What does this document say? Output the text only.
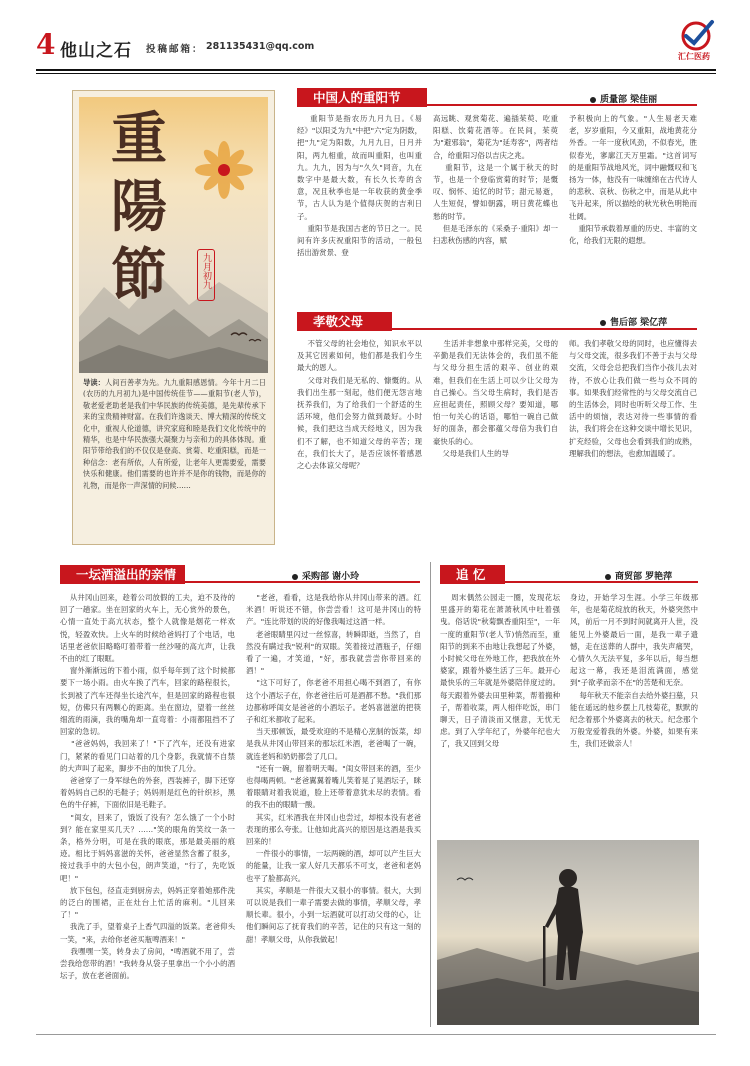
4 他山之石 投稿邮箱： 281135431@qq.com
汇仁医药
重
陽
節	九月初九
导读：人间百善孝为先。九九重阳感恩情。今年十月二日(农历的九月初九)是中国传统佳节——重阳节(老人节)，敬老爱老助老是我们中华民族的传统美德，是先辈传承下来的宝贵精神财富。在我们许逸谈天、博大精深的传统文化中，重视人伦道德，讲究家庭和睦是我们文化传统中的精华，也是中华民族强大凝聚力与亲和力的具体体现。重阳节带给我们的不仅仅是登高、赏菊、吃重阳糕，而是一种信念：老有所依，人有所爱，让老年人更需要爱，需要快乐和健康。他们需要的也许并不是你的钱物，而是你的礼物，而是你一声深情的问候……
中国人的重阳节	质量部 梁佳丽
重阳节是指农历九月九日。《易经》"以阳爻为九"中把"六"定为阴数，把"九"定为阳数，九月九日，日月并阳，两九相重，故而叫重阳，也叫重九。九九，因为与"久久"同音，九在数字中是最大数，有长久长寿的含意，况且秋季也是一年收获的黄金季节，古人认为是个值得庆贺的吉利日子。
重阳节是我国古老的节日之一。民间有许多庆祝重阳节的活动，一般包括出游赏景、登
高远眺、观赏菊花、遍插茱萸、吃重阳糕、饮菊花酒等。在民间，茱萸为"避邪翁"，菊花为"延寿客"，两者结合，给重阳习俗以吉庆之兆。
重阳节，这是一个属于秋天的时节，也是一个登临赏菊的时节；是慨叹、悯怀、追忆的时节；甜元易逝，人生短促，譬如朝露，明日黄花蝶也愁的时节。
但是毛泽东的《采桑子·重阳》却一扫悲秋伤感的内容，赋
予积极向上的气象。"人生易老天难老，岁岁重阳，今又重阳，战地黄花分外香。一年一度秋风劲，不似春光，胜似春光，寥廓江天万里霜。"这首词写的是重阳节战地风光，词中融慨叹和飞扬为一体，他没有一味缠绵在古代诗人的悲秋、哀秋、伤秋之中，而是从此中飞升起来，所以描绘的秋光秋色明艳而壮阔。
重阳节承载着厚重的历史、丰富的文化，给我们无限的遐想。
孝敬父母	售后部 梁亿萍
不管父母的社会地位，知识水平以及其它因素如何，他们都是我们今生最大的恩人。
父母对我们是无私的、慷慨的。从我们出生那一刻起，他们便无怨言地抚养我们，为了给我们一个舒适的生活环境，他们会努力做到最好。小时候，我们把这当成天经地义，因为我们不了解，也不知道父母的辛苦；现在，我们长大了，是否应该怀着感恩之心去体谅父母呢？
生活并非想象中那样完美，父母的辛勤是我们无法体会的，我们虽不能与父母分担生活的艰辛、创业的艰难，但我们在生活上可以少让父母为自己操心。当父母生病时，我们是否应担起责任，照顾父母？要知道，哪怕一句关心的话语，哪怕一碗自己做好的面条，都会都蕴父母倍为我们自豪快乐的心。
父母是我们人生的导
师。我们孝敬父母的同时，也应懂得去与父母交流，很多我们不善于去与父母交流，父母会总把我们当作小孩儿去对待，不放心让我们做一些与众不同的事。如果我们经常性的与父母交流自己的生活体会，同时也听听父母工作、生活中的烦恼，表达对待一些事情的看法，我们将会在这种交谈中增长见识，扩充经验，父母也会看到我们的成熟，理解我们的想法，也愈加温暖了。
一坛酒溢出的亲情	采购部 谢小玲
从井冈山回来，趁着公司放假的工夫，迫不及待的回了一趟家。坐在回家的火车上，无心赏外的景色，心情一直处于高亢状态，整个人就像是烟花一样欢悦，轻盈欢快。上火车的时候给爸妈打了个电话，电话里老爸依旧略略叮着带着一丝沙哑的高亢声，让我不由的红了眼眶。
窗外渐渐远的下着小雨，似乎每年到了这个时候都要下一场小雨。由火车换了汽车，回家的路程很长，长到被了汽车还得坐长途汽车，但是回家的路程也很短，仿佛只有两颗心的距离。坐在窗边，望着一丝丝细流的雨滴，我的嘴角却一直弯着：小雨都阻挡不了回家的急切。
"爸爸妈妈，我回来了！"下了汽车，还没有进家门，紧紧的看见门口站着的几个身影，我就情不自禁的大声叫了起来，脚步不由的加快了几分。
爸爸穿了一身军绿色的外套，西装裤子，脚下还穿着妈妈自己织的毛鞋子；妈妈则是红色的针织衫，黑色的牛仔裤，下面依旧是毛鞋子。
"闺女，回来了，饿饭了没有？怎么饿了一个小时到？能在家里买几天？……"笑的眼角的笑纹一条一条，格外分明，可是在我的眼底，那是最美丽的痕迹。相比于妈妈喜滋的关怀，爸爸显然含蓄了很多，接过我手中的大包小包，朗声笑道，"行了，先吃饭吧！"
放下包包，径直走到厨房去，妈妈正穿着她那件洗的泛白的围裙，正在灶台上忙活的麻利。"儿回来了！"
我洗了手，望着桌子上香气四溢的饭菜。老爸仰头一笑，"来，去给你老爸买瓶啤酒来！"
我嘿嘿一笑，转身去了房间，"啤酒就不用了，尝尝我给您带的酒！"我转身从袋子里拿出一个小小的酒坛子，放在老爸面前。
"老爸，看看，这是我给你从井冈山带来的酒。红米酒！听说还不错，你尝尝看！这可是井冈山的特产。"连比带划的说的好像我喝过这酒一样。
老爸眼睛里闪过一丝惊喜，转瞬即逝，当然了，自然没有瞒过我"锐利"的双眼。笑着接过酒瓶子，仔细看了一遍，才笑道，"好，那我就尝尝你带回来的酒！"
"这下可好了，你老爸不用担心喝不到酒了，有你这个小酒坛子在，你老爸往后可是酒都不愁。"我们那边都称呼闺女是爸爸的小酒坛子。老妈喜滋滋的把筷子和红米都收了起来。
当天那顿饭，最受欢迎的不是精心烹制的饭菜，却是我从井冈山带回来的那坛红米酒，老爸喝了一碗，就连老妈和奶奶都尝了几口。
"还有一碗，留着明天喝。"闺女带回来的酒，至少也得喝两顿。"老爸翼翼着嘴儿笑着晃了晃酒坛子，眯着眼睛对着我说道，脸上还带着意犹未尽的表情。看的我不由的眼睛一酸。
其实，红米酒我在井冈山也尝过，却根本没有老爸表现的那么夸张。让他如此高兴的原因是这酒是我买回来的！
一件很小的事情，一坛两碗的酒，却可以产生巨大的能量，让我一家人好几天都乐不可支，老爸和老妈也平了脸都高兴。
其实，孝顺是一件很大又很小的事情。很大，大到可以说是我们一辈子需要去做的事情，孝顺父母，孝顺长辈。很小，小到一坛酒就可以打动父母的心，让他们瞬间忘了抚育我们的辛苦，记住的只有这一刻的甜！孝顺父母，从你我做起！
追 忆	商贸部 罗艳萍
周末偶然公园走一圈，发现花坛里盛开的菊花在萧萧秋风中吐着强曳。俗话说"秋菊飘香重阳至"，一年一度的重阳节(老人节)悄然而至，重阳节的到来不由地让我想起了外婆，小时候父母在外地工作，把我放在外婆家，跟着外婆生活了三年。最开心最快乐的三年就是外婆陪伴度过的。每天跟着外婆去田里种菜，帮着搬种子，帮着收菜，两人相伴吃饭，串门聊天，日子清淡而又惬意，无忧无虑。到了入学年纪了，外婆年纪也大了，我又回到父母
身边，开始学习生涯。小学三年级那年，也是菊花绽放的秋天，外婆突然中风，前后一月不到时间就离开人世，没能见上外婆最后一面，是我一辈子遗憾，走在送葬的人群中，我失声痛哭，心情久久无法平复，多年以后，每当想起这一幕，我还是泪流满面，感觉到"子欲孝而亲不在"的苦楚和无奈。
每年秋天不能亲自去给外婆扫墓，只能在遥远的他乡摆上几枝菊花，默默的纪念着那个外婆离去的秋天。纪念那个万般宠爱着我的外婆。外婆，如果有来生，我们还做亲人！
